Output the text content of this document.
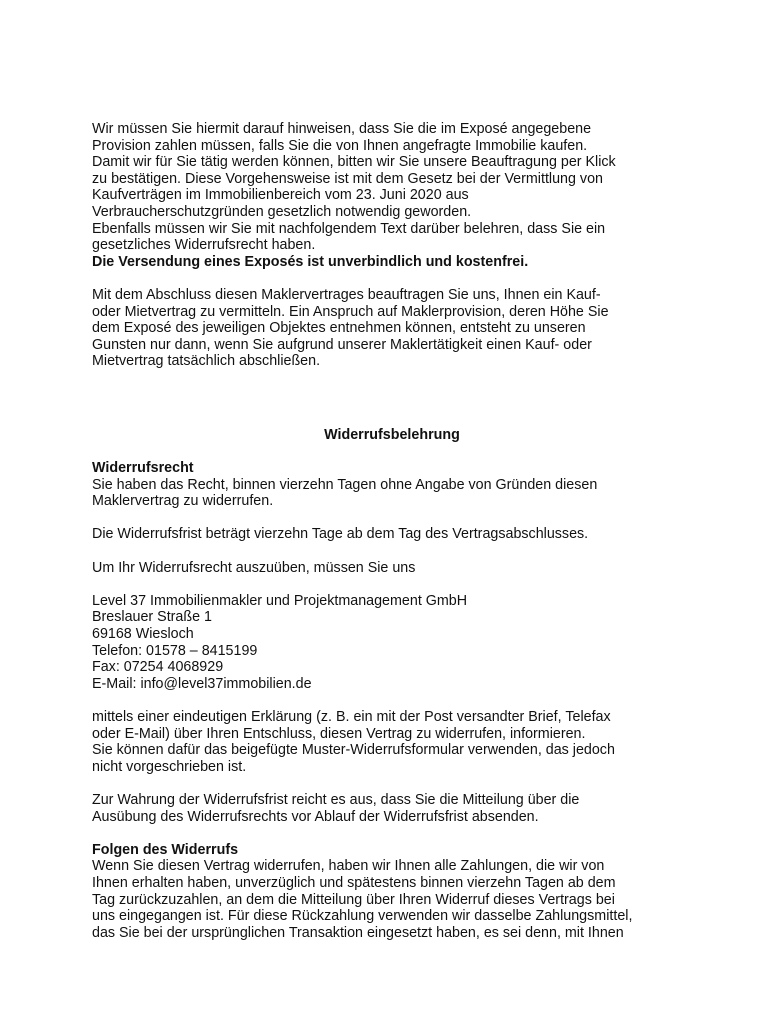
Wir müssen Sie hiermit darauf hinweisen, dass Sie die im Exposé angegebene
Provision zahlen müssen, falls Sie die von Ihnen angefragte Immobilie kaufen.
Damit wir für Sie tätig werden können, bitten wir Sie unsere Beauftragung per Klick
zu bestätigen. Diese Vorgehensweise ist mit dem Gesetz bei der Vermittlung von
Kaufverträgen im Immobilienbereich vom 23. Juni 2020 aus
Verbraucherschutzgründen gesetzlich notwendig geworden.
Ebenfalls müssen wir Sie mit nachfolgendem Text darüber belehren, dass Sie ein
gesetzliches Widerrufsrecht haben.
Die Versendung eines Exposés ist unverbindlich und kostenfrei.
Mit dem Abschluss diesen Maklervertrages beauftragen Sie uns, Ihnen ein Kauf-
oder Mietvertrag zu vermitteln. Ein Anspruch auf Maklerprovision, deren Höhe Sie
dem Exposé des jeweiligen Objektes entnehmen können, entsteht zu unseren
Gunsten nur dann, wenn Sie aufgrund unserer Maklertätigkeit einen Kauf- oder
Mietvertrag tatsächlich abschließen.
Widerrufsbelehrung
Widerrufsrecht
Sie haben das Recht, binnen vierzehn Tagen ohne Angabe von Gründen diesen
Maklervertrag zu widerrufen.
Die Widerrufsfrist beträgt vierzehn Tage ab dem Tag des Vertragsabschlusses.
Um Ihr Widerrufsrecht auszuüben, müssen Sie uns
Level 37 Immobilienmakler und Projektmanagement GmbH
Breslauer Straße 1
69168 Wiesloch
Telefon: 01578 – 8415199
Fax: 07254 4068929
E-Mail: info@level37immobilien.de
mittels einer eindeutigen Erklärung (z. B. ein mit der Post versandter Brief, Telefax
oder E-Mail) über Ihren Entschluss, diesen Vertrag zu widerrufen, informieren.
Sie können dafür das beigefügte Muster-Widerrufsformular verwenden, das jedoch
nicht vorgeschrieben ist.
Zur Wahrung der Widerrufsfrist reicht es aus, dass Sie die Mitteilung über die
Ausübung des Widerrufsrechts vor Ablauf der Widerrufsfrist absenden.
Folgen des Widerrufs
Wenn Sie diesen Vertrag widerrufen, haben wir Ihnen alle Zahlungen, die wir von
Ihnen erhalten haben, unverzüglich und spätestens binnen vierzehn Tagen ab dem
Tag zurückzuzahlen, an dem die Mitteilung über Ihren Widerruf dieses Vertrags bei
uns eingegangen ist. Für diese Rückzahlung verwenden wir dasselbe Zahlungsmittel,
das Sie bei der ursprünglichen Transaktion eingesetzt haben, es sei denn, mit Ihnen
